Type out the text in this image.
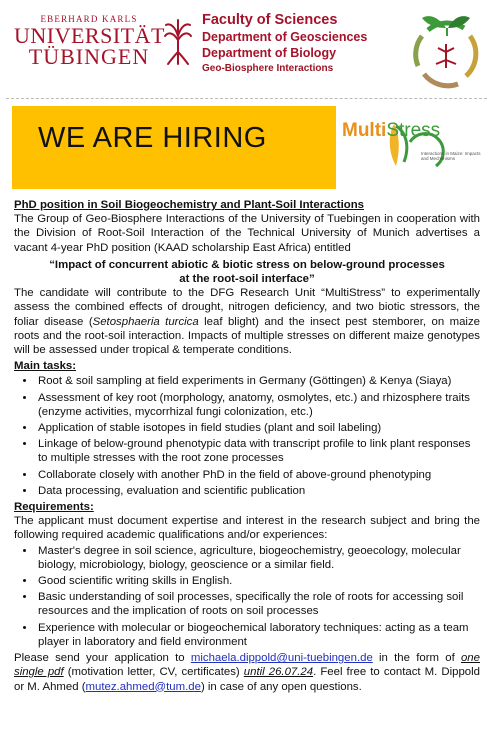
EBERHARD KARLS
UNIVERSITÄT
TÜBINGEN
Faculty of Sciences
Department of Geosciences
Department of Biology
Geo-Biosphere Interactions
WE ARE HIRING	MultiStress
Interactions in Maize: Impacts and Mechanisms

PhD position in Soil Biogeochemistry and Plant-Soil Interactions

The Group of Geo-Biosphere Interactions of the University of Tuebingen in cooperation with the Division of Root-Soil Interaction of the Technical University of Munich advertises a vacant 4-year PhD position (KAAD scholarship East Africa) entitled

“Impact of concurrent abiotic & biotic stress on below-ground processes
at the root-soil interface”

The candidate will contribute to the DFG Research Unit “MultiStress” to experimentally assess the combined effects of drought, nitrogen deficiency, and two biotic stressors, the foliar disease (Setosphaeria turcica leaf blight) and the insect pest stemborer, on maize roots and the root-soil interaction. Impacts of multiple stresses on different maize genotypes will be assessed under tropical & temperate conditions.

Main tasks:

• Root & soil sampling at field experiments in Germany (Göttingen) & Kenya (Siaya)
• Assessment of key root (morphology, anatomy, osmolytes, etc.) and rhizosphere traits (enzyme activities, mycorrhizal fungi colonization, etc.)
• Application of stable isotopes in field studies (plant and soil labeling)
• Linkage of below-ground phenotypic data with transcript profile to link plant responses to multiple stresses with the root zone processes
• Collaborate closely with another PhD in the field of above-ground phenotyping
• Data processing, evaluation and scientific publication

Requirements:

The applicant must document expertise and interest in the research subject and bring the following required academic qualifications and/or experiences:

• Master's degree in soil science, agriculture, biogeochemistry, geoecology, molecular biology, microbiology, biology, geoscience or a similar field.
• Good scientific writing skills in English.
• Basic understanding of soil processes, specifically the role of roots for accessing soil resources and the implication of roots on soil processes
• Experience with molecular or biogeochemical laboratory techniques: acting as a team player in laboratory and field environment

Please send your application to michaela.dippold@uni-tuebingen.de in the form of one single pdf (motivation letter, CV, certificates) until 26.07.24. Feel free to contact M. Dippold or M. Ahmed (mutez.ahmed@tum.de) in case of any open questions.
